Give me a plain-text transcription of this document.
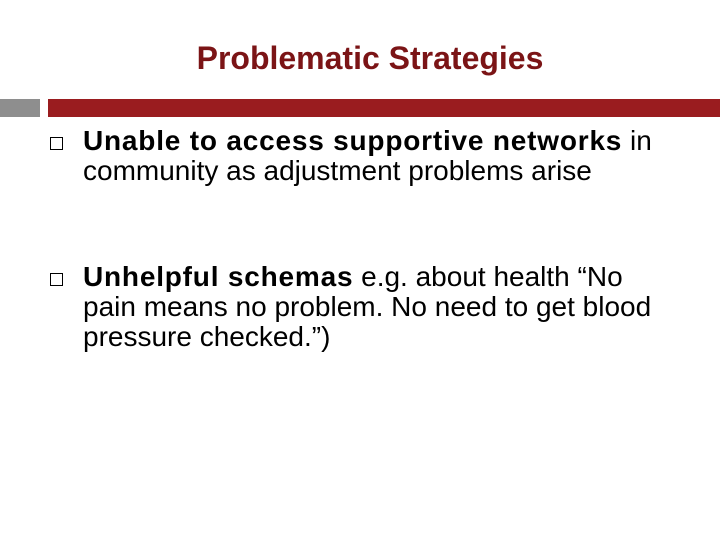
Problematic Strategies
Unable to access supportive networks in community as adjustment problems arise
Unhelpful schemas e.g. about health “No pain means no problem. No need to get blood pressure checked.”)
